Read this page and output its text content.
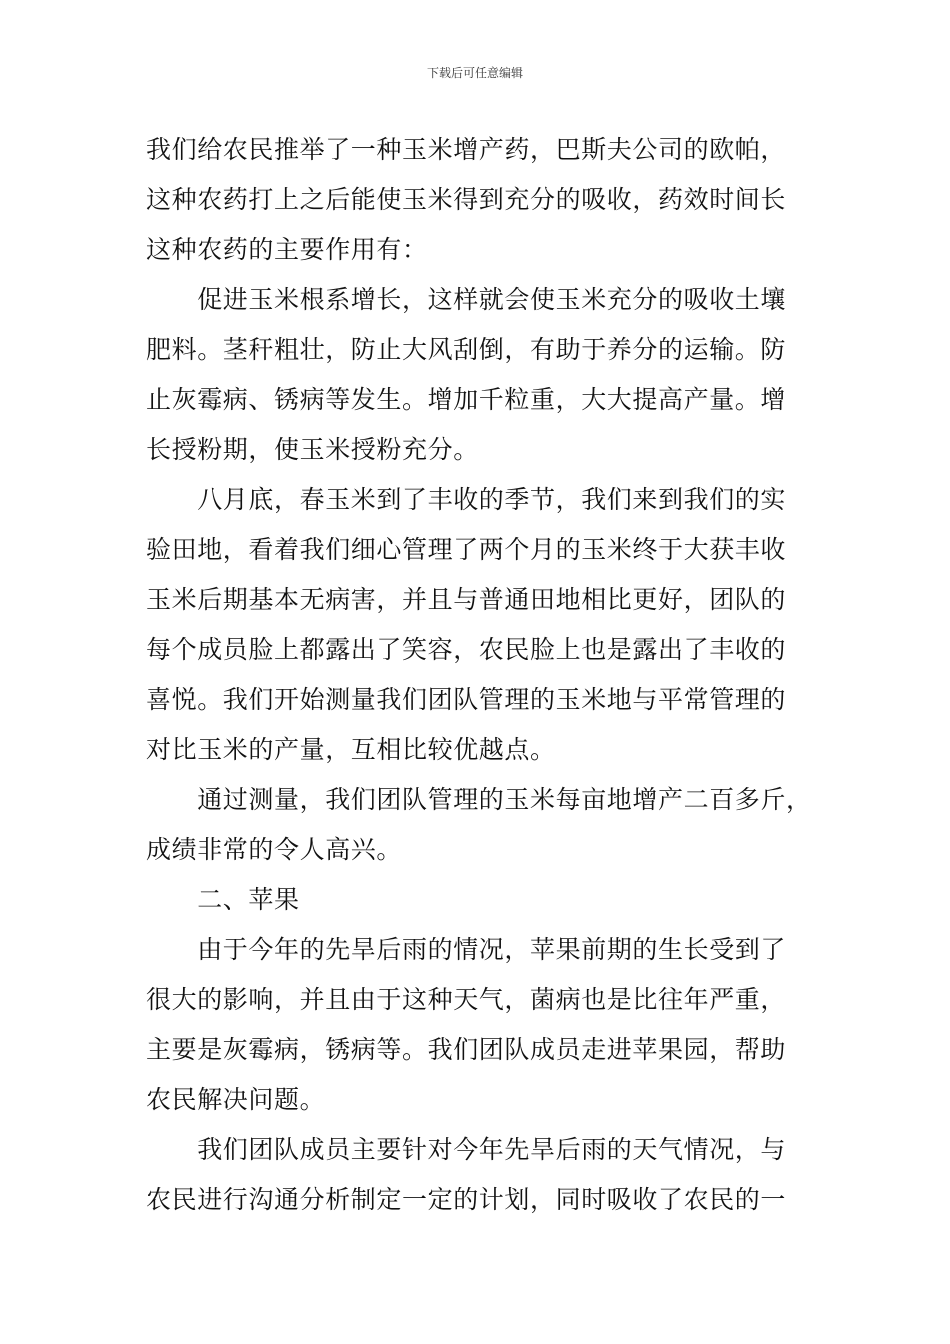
下载后可任意编辑
我们给农民推举了一种玉米增产药，巴斯夫公司的欧帕，
这种农药打上之后能使玉米得到充分的吸收，药效时间长
这种农药的主要作用有：
　　促进玉米根系增长，这样就会使玉米充分的吸收土壤
肥料。茎秆粗壮，防止大风刮倒，有助于养分的运输。防
止灰霉病、锈病等发生。增加千粒重，大大提高产量。增
长授粉期，使玉米授粉充分。
　　八月底，春玉米到了丰收的季节，我们来到我们的实
验田地，看着我们细心管理了两个月的玉米终于大获丰收
玉米后期基本无病害，并且与普通田地相比更好，团队的
每个成员脸上都露出了笑容，农民脸上也是露出了丰收的
喜悦。我们开始测量我们团队管理的玉米地与平常管理的
对比玉米的产量，互相比较优越点。
　　通过测量，我们团队管理的玉米每亩地增产二百多斤，
成绩非常的令人高兴。
　　二、苹果
　　由于今年的先旱后雨的情况，苹果前期的生长受到了
很大的影响，并且由于这种天气，菌病也是比往年严重，
主要是灰霉病，锈病等。我们团队成员走进苹果园，帮助
农民解决问题。
　　我们团队成员主要针对今年先旱后雨的天气情况，与
农民进行沟通分析制定一定的计划，同时吸收了农民的一
